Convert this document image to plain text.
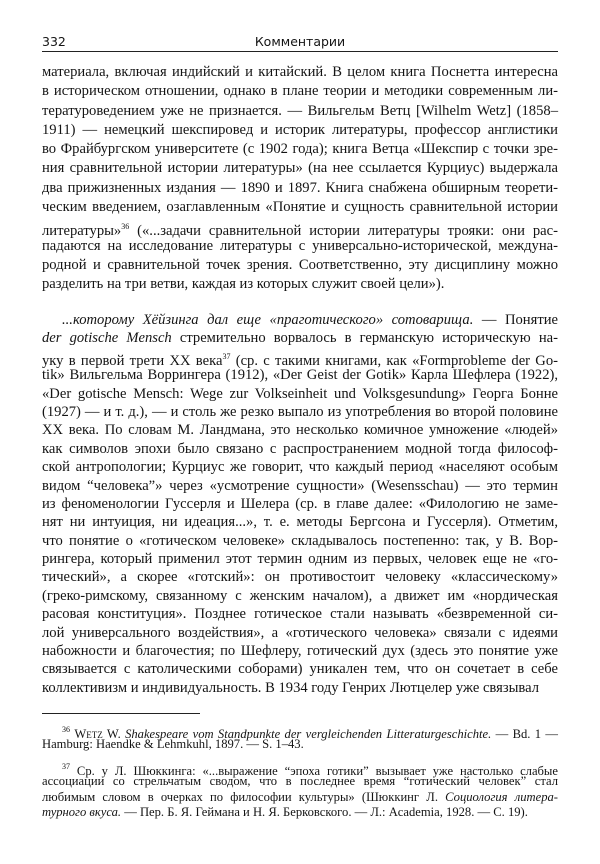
332	Комментарии
материала, включая индийский и китайский. В целом книга Поснетта интересна
в историческом отношении, однако в плане теории и методики современным ли-
тературоведением уже не признается. — Вильгельм Ветц [Wilhelm Wetz] (1858–
1911) — немецкий шекспировед и историк литературы, профессор англистики
во Фрайбургском университете (с 1902 года); книга Ветца «Шекспир с точки зре-
ния сравнительной истории литературы» (на нее ссылается Курциус) выдержала
два прижизненных издания — 1890 и 1897. Книга снабжена обширным теорети-
ческим введением, озаглавленным «Понятие и сущность сравнительной истории
литературы»$^{36}$ («...задачи сравнительной истории литературы трояки: они рас-
падаются на исследование литературы с универсально-исторической, междуна-
родной и сравнительной точек зрения. Соответственно, эту дисциплину можно
разделить на три ветви, каждая из которых служит своей цели»).
...которому Хёйзинга дал еще «праготического» сотоварища. — Понятие
der gotische Mensch стремительно ворвалось в германскую историческую на-
уку в первой трети XX века$^{37}$ (ср. с такими книгами, как «Formprobleme der Go-
tik» Вильгельма Воррингера (1912), «Der Geist der Gotik» Карла Шефлера (1922),
«Der gotische Mensch: Wege zur Volkseinheit und Volksgesundung» Георга Бонне
(1927) — и т. д.), — и столь же резко выпало из употребления во второй половине
XX века. По словам М. Ландмана, это несколько комичное умножение «людей»
как символов эпохи было связано с распространением модной тогда философ-
ской антропологии; Курциус же говорит, что каждый период «населяют особым
видом “человека”» через «усмотрение сущности» (Wesensschau) — это термин
из феноменологии Гуссерля и Шелера (ср. в главе далее: «Филологию не заме-
нят ни интуиция, ни идеация...», т. е. методы Бергсона и Гуссерля). Отметим,
что понятие о «готическом человеке» складывалось постепенно: так, у В. Вор-
рингера, который применил этот термин одним из первых, человек еще не «го-
тический», а скорее «готский»: он противостоит человеку «классическому»
(греко-римскому, связанному с женским началом), а движет им «нордическая
расовая конституция». Позднее готическое стали называть «безвременной си-
лой универсального воздействия», а «готического человека» связали с идеями
набожности и благочестия; по Шефлеру, готический дух (здесь это понятие уже
связывается с католическими соборами) уникален тем, что он сочетает в себе
коллективизм и индивидуальность. В 1934 году Генрих Лютцелер уже связывал
$^{36}$ Wetz W. Shakespeare vom Standpunkte der vergleichenden Litteraturgeschichte. — Bd. 1 —
Hamburg: Haendke & Lehmkuhl, 1897. — S. 1–43.
$^{37}$ Ср. у Л. Шюккинга: «...выражение “эпоха готики” вызывает уже настолько слабые
ассоциации со стрельчатым сводом, что в последнее время “готический человек” стал
любимым словом в очерках по философии культуры» (Шюккинг Л. Социология литера-
турного вкуса. — Пер. Б. Я. Геймана и Н. Я. Берковского. — Л.: Academia, 1928. — С. 19).
